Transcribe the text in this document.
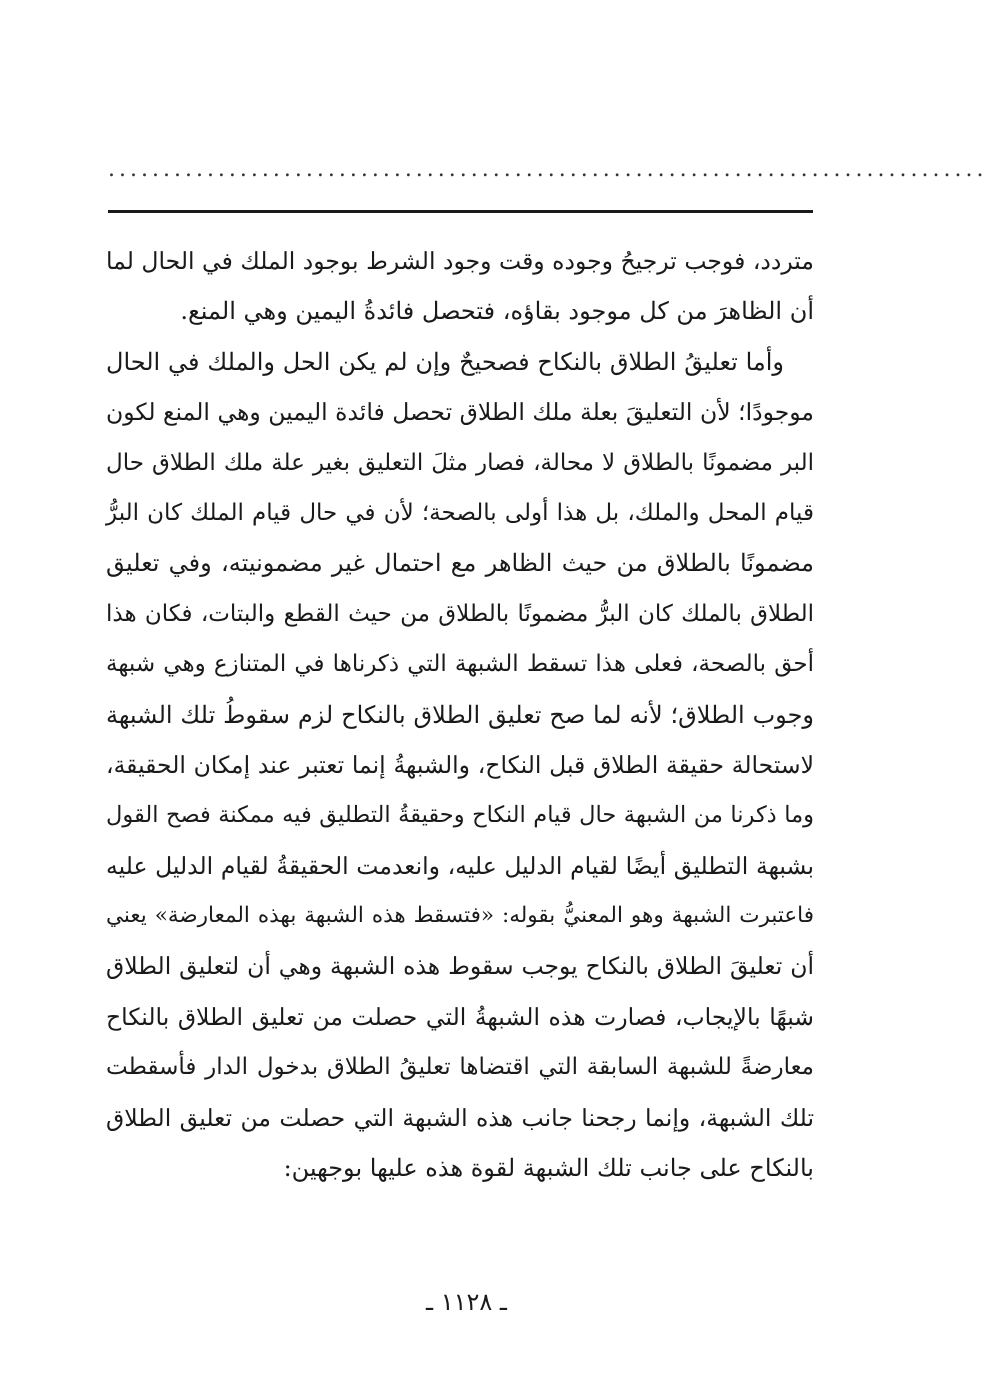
................................................................................
متردد، فوجب ترجيحُ وجوده وقت وجود الشرط بوجود الملك في الحال لما
أن الظاهرَ من كل موجود بقاؤه، فتحصل فائدةُ اليمين وهي المنع.
وأما تعليقُ الطلاق بالنكاح فصحيحٌ وإن لم يكن الحل والملك في الحال
موجودًا؛ لأن التعليقَ بعلة ملك الطلاق تحصل فائدة اليمين وهي المنع لكون
البر مضمونًا بالطلاق لا محالة، فصار مثلَ التعليق بغير علة ملك الطلاق حال
قيام المحل والملك، بل هذا أولى بالصحة؛ لأن في حال قيام الملك كان البرُّ
مضمونًا بالطلاق من حيث الظاهر مع احتمال غير مضمونيته، وفي تعليق
الطلاق بالملك كان البرُّ مضمونًا بالطلاق من حيث القطع والبتات، فكان هذا
أحق بالصحة، فعلى هذا تسقط الشبهة التي ذكرناها في المتنازع وهي شبهة
وجوب الطلاق؛ لأنه لما صح تعليق الطلاق بالنكاح لزم سقوطُ تلك الشبهة
لاستحالة حقيقة الطلاق قبل النكاح، والشبهةُ إنما تعتبر عند إمكان الحقيقة،
وما ذكرنا من الشبهة حال قيام النكاح وحقيقةُ التطليق فيه ممكنة فصح القول
بشبهة التطليق أيضًا لقيام الدليل عليه، وانعدمت الحقيقةُ لقيام الدليل عليه
فاعتبرت الشبهة وهو المعنيُّ بقوله: «فتسقط هذه الشبهة بهذه المعارضة» يعني
أن تعليقَ الطلاق بالنكاح يوجب سقوط هذه الشبهة وهي أن لتعليق الطلاق
شبهًا بالإيجاب، فصارت هذه الشبهةُ التي حصلت من تعليق الطلاق بالنكاح
معارضةً للشبهة السابقة التي اقتضاها تعليقُ الطلاق بدخول الدار فأسقطت
تلك الشبهة، وإنما رجحنا جانب هذه الشبهة التي حصلت من تعليق الطلاق
بالنكاح على جانب تلك الشبهة لقوة هذه عليها بوجهين:
ـ ١١٢٨ ـ
